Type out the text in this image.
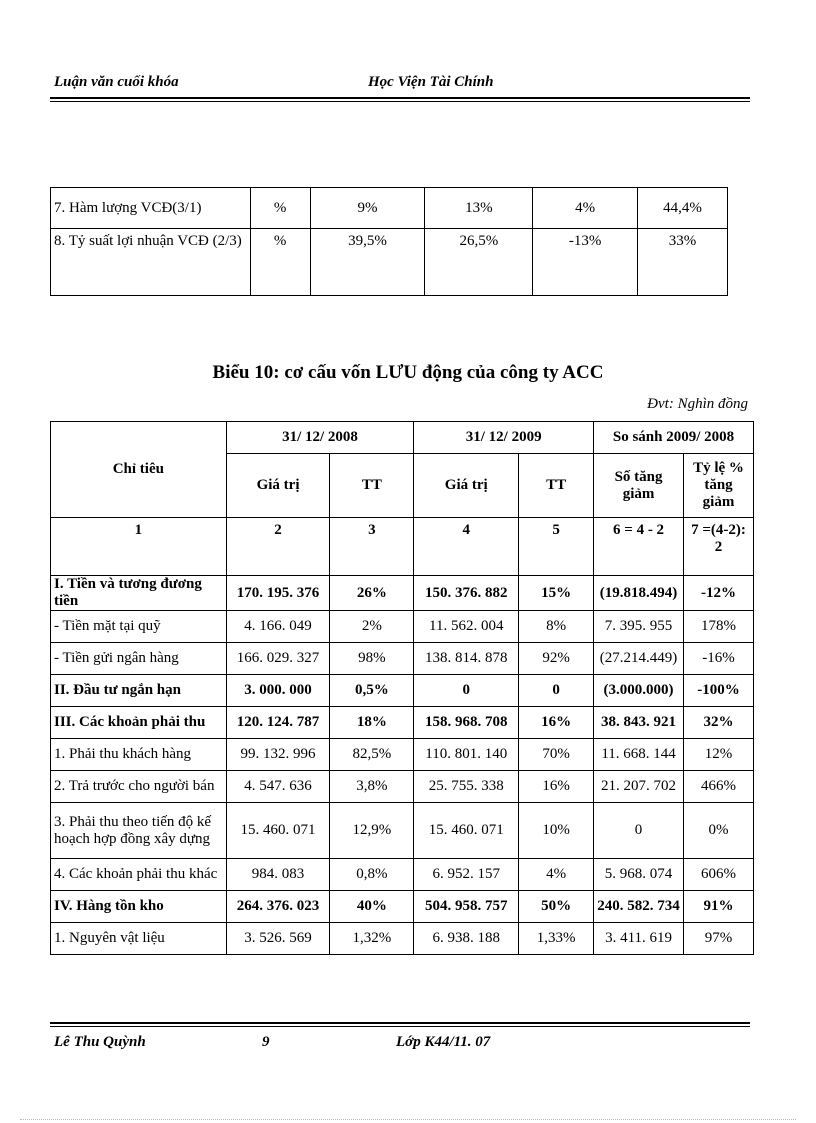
Luận văn cuối khóa	Học Viện Tài Chính
7. Hàm lượng VCĐ(3/1)	%	9%	13%	4%	44,4%
8. Tỷ suất lợi nhuận VCĐ (2/3)	%	39,5%	26,5%	-13%	33%
Biểu 10: cơ cấu vốn LƯU động của công ty ACC
Đvt: Nghìn đồng
Chỉ tiêu	31/ 12/ 2008		31/ 12/ 2009		So sánh 2009/ 2008	
	Giá trị	TT	Giá trị	TT	Số tăng giảm	Tỷ lệ % tăng giảm
1	2	3	4	5	6 = 4 - 2	7 =(4-2): 2
I. Tiền và tương đương tiền	170. 195. 376	26%	150. 376. 882	15%	(19.818.494)	-12%
- Tiền mặt tại quỹ	4. 166. 049	2%	11. 562. 004	8%	7. 395. 955	178%
- Tiền gửi ngân hàng	166. 029. 327	98%	138. 814. 878	92%	(27.214.449)	-16%
II. Đầu tư ngắn hạn	3. 000. 000	0,5%	0	0	(3.000.000)	-100%
III. Các khoản phải thu	120. 124. 787	18%	158. 968. 708	16%	38. 843. 921	32%
1. Phải thu khách hàng	99. 132. 996	82,5%	110. 801. 140	70%	11. 668. 144	12%
2. Trả trước cho người bán	4. 547. 636	3,8%	25. 755. 338	16%	21. 207. 702	466%
3. Phải thu theo tiến độ kế hoạch hợp đồng xây dựng	15. 460. 071	12,9%	15. 460. 071	10%	0	0%
4. Các khoản phải thu khác	984. 083	0,8%	6. 952. 157	4%	5. 968. 074	606%
IV. Hàng tồn kho	264. 376. 023	40%	504. 958. 757	50%	240. 582. 734	91%
1. Nguyên vật liệu	3. 526. 569	1,32%	6. 938. 188	1,33%	3. 411. 619	97%
Lê Thu Quỳnh	9	Lớp K44/11. 07
